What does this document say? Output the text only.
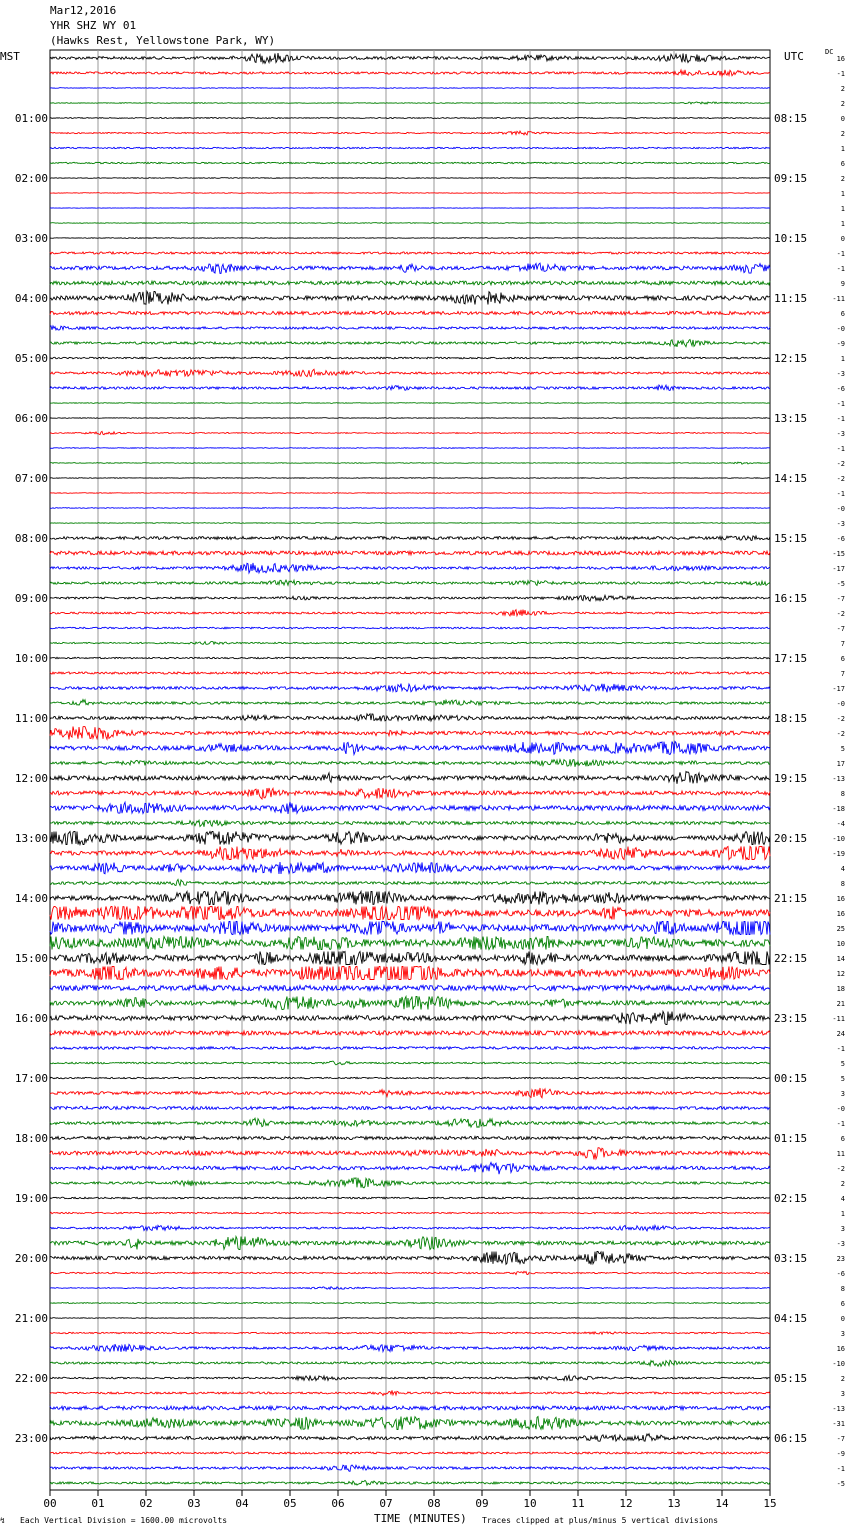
Mar12,2016
YHR SHZ WY 01
(Hawks Rest, Yellowstone Park, WY)
MST	UTC	DC
00	01	02	03	04	05	06	07	08	09	10	11	12	13	14	15
16
-1
2
2
0
2
1
6
2
1
1
1
0
-1
-1
9
-11
6
-0
-9
1
-3
-6
-1
-1
-3
-1
-2
-2
-1
-0
-3
-6
-15
-17
-5
-7
-2
-7
7
6
7
-17
-0
-2
-2
5
17
-13
8
-18
-4
-10
-19
4
8
16
16
25
10
14
12
18
21
-11
24
-1
5
5
3
-0
-1
6
11
-2
2
4
1
3
-3
23
-6
8
6
0
3
16
-10
2
3
-13
-31
-7
-9
-1
-5
01:00
02:00
03:00
04:00
05:00
06:00
07:00
08:00
09:00
10:00
11:00
12:00
13:00
14:00
15:00
16:00
17:00
18:00
19:00
20:00
21:00
22:00
23:00
08:15
09:15
10:15
11:15
12:15
13:15
14:15
15:15
16:15
17:15
18:15
19:15
20:15
21:15
22:15
23:15
00:15
01:15
02:15
03:15
04:15
05:15
06:15
↯ Each Vertical Division = 1600.00 microvolts	TIME (MINUTES) Traces clipped at plus/minus 5 vertical divisions
